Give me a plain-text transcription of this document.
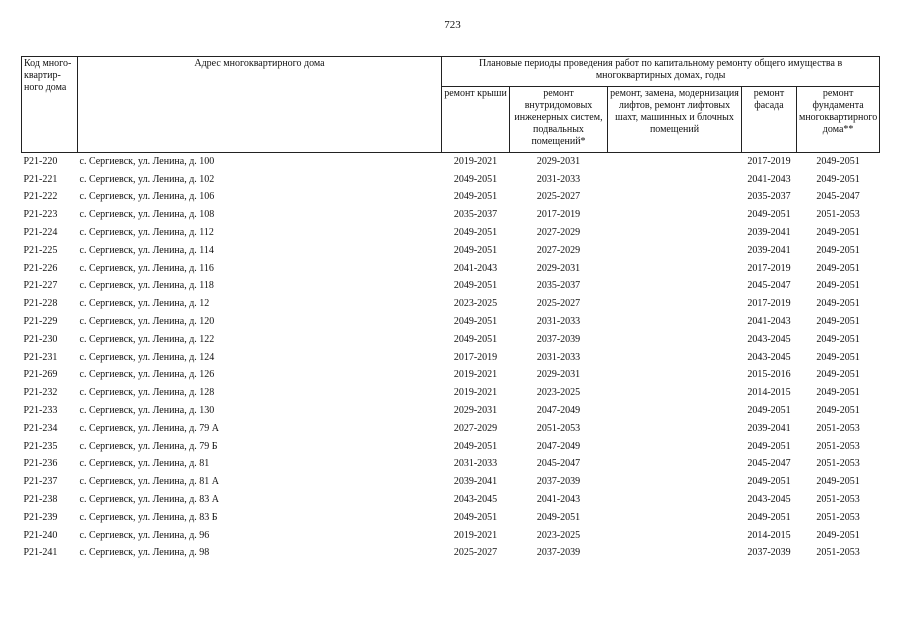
723
Код много-квартир-ного дома	Адрес многоквартирного дома	Плановые периоды проведения работ по капитальному ремонту общего имущества в многоквартирных домах, годы				
		ремонт крыши	ремонт внутридомовых инженерных систем, подвальных помещений*	ремонт, замена, модернизация лифтов, ремонт лифтовых шахт, машинных и блочных помещений	ремонт фасада	ремонт фундамента многоквартирного дома**
P21-220	с. Сергиевск, ул. Ленина, д. 100	2019-2021	2029-2031		2017-2019	2049-2051
P21-221	с. Сергиевск, ул. Ленина, д. 102	2049-2051	2031-2033		2041-2043	2049-2051
P21-222	с. Сергиевск, ул. Ленина, д. 106	2049-2051	2025-2027		2035-2037	2045-2047
P21-223	с. Сергиевск, ул. Ленина, д. 108	2035-2037	2017-2019		2049-2051	2051-2053
P21-224	с. Сергиевск, ул. Ленина, д. 112	2049-2051	2027-2029		2039-2041	2049-2051
P21-225	с. Сергиевск, ул. Ленина, д. 114	2049-2051	2027-2029		2039-2041	2049-2051
P21-226	с. Сергиевск, ул. Ленина, д. 116	2041-2043	2029-2031		2017-2019	2049-2051
P21-227	с. Сергиевск, ул. Ленина, д. 118	2049-2051	2035-2037		2045-2047	2049-2051
P21-228	с. Сергиевск, ул. Ленина, д. 12	2023-2025	2025-2027		2017-2019	2049-2051
P21-229	с. Сергиевск, ул. Ленина, д. 120	2049-2051	2031-2033		2041-2043	2049-2051
P21-230	с. Сергиевск, ул. Ленина, д. 122	2049-2051	2037-2039		2043-2045	2049-2051
P21-231	с. Сергиевск, ул. Ленина, д. 124	2017-2019	2031-2033		2043-2045	2049-2051
P21-269	с. Сергиевск, ул. Ленина, д. 126	2019-2021	2029-2031		2015-2016	2049-2051
P21-232	с. Сергиевск, ул. Ленина, д. 128	2019-2021	2023-2025		2014-2015	2049-2051
P21-233	с. Сергиевск, ул. Ленина, д. 130	2029-2031	2047-2049		2049-2051	2049-2051
P21-234	с. Сергиевск, ул. Ленина, д. 79 А	2027-2029	2051-2053		2039-2041	2051-2053
P21-235	с. Сергиевск, ул. Ленина, д. 79 Б	2049-2051	2047-2049		2049-2051	2051-2053
P21-236	с. Сергиевск, ул. Ленина, д. 81	2031-2033	2045-2047		2045-2047	2051-2053
P21-237	с. Сергиевск, ул. Ленина, д. 81 А	2039-2041	2037-2039		2049-2051	2049-2051
P21-238	с. Сергиевск, ул. Ленина, д. 83 А	2043-2045	2041-2043		2043-2045	2051-2053
P21-239	с. Сергиевск, ул. Ленина, д. 83 Б	2049-2051	2049-2051		2049-2051	2051-2053
P21-240	с. Сергиевск, ул. Ленина, д. 96	2019-2021	2023-2025		2014-2015	2049-2051
P21-241	с. Сергиевск, ул. Ленина, д. 98	2025-2027	2037-2039		2037-2039	2051-2053
